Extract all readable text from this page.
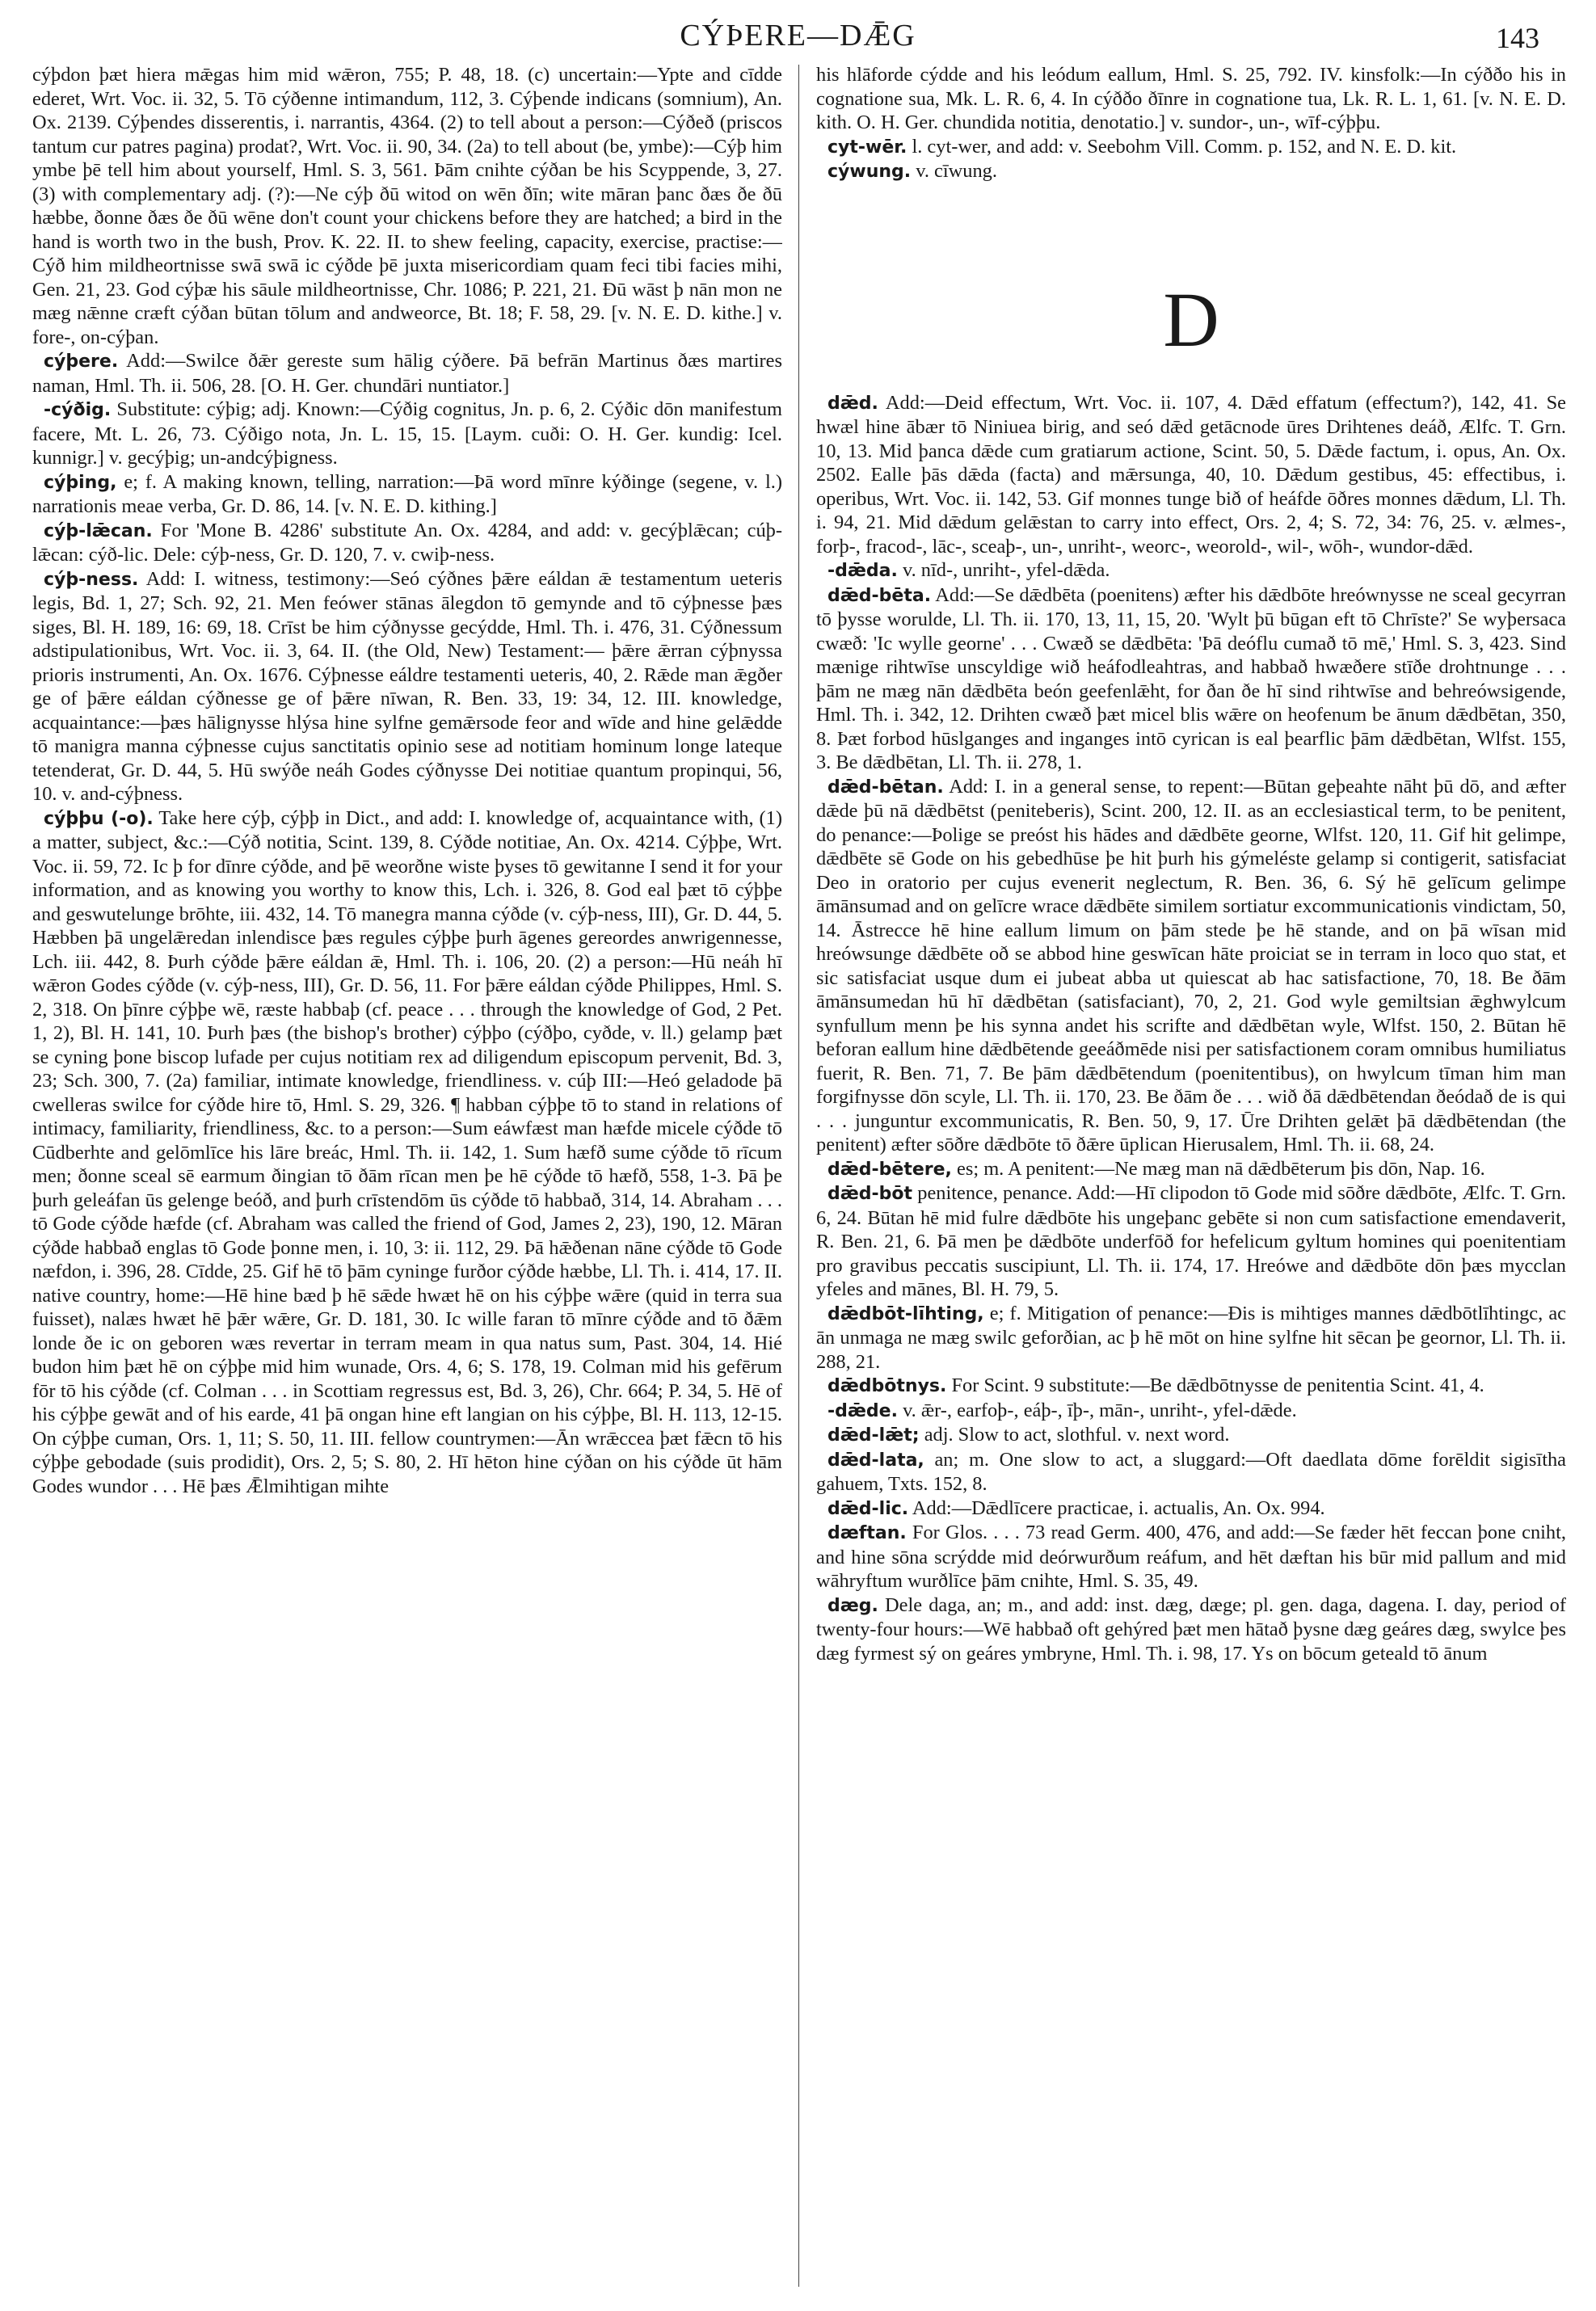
CÝÞERE—DǢG	143

cýþdon þæt hiera mǣgas him mid wǣron, 755; P. 48, 18. (c) uncertain:—Ypte and cīdde ederet, Wrt. Voc. ii. 32, 5. Tō cýðenne intimandum, 112, 3. Cýþende indicans (somnium), An. Ox. 2139. Cýþendes disserentis, i. narrantis, 4364. (2) to tell about a person:—Cýðeð (priscos tantum cur patres pagina) prodat?, Wrt. Voc. ii. 90, 34. (2a) to tell about (be, ymbe):—Cýþ him ymbe þē tell him about yourself, Hml. S. 3, 561. Þām cnihte cýðan be his Scyppende, 3, 27. (3) with complementary adj. (?):—Ne cýþ ðū witod on wēn ðīn; wite māran þanc ðæs ðe ðū hæbbe, ðonne ðæs ðe ðū wēne don't count your chickens before they are hatched; a bird in the hand is worth two in the bush, Prov. K. 22. II. to shew feeling, capacity, exercise, practise:—Cýð him mildheortnisse swā swā ic cýðde þē juxta misericordiam quam feci tibi facies mihi, Gen. 21, 23. God cýþæ his sāule mildheortnisse, Chr. 1086; P. 221, 21. Ðū wāst þ nān mon ne mæg nǣnne cræft cýðan būtan tōlum and andweorce, Bt. 18; F. 58, 29. [v. N. E. D. kithe.] v. fore-, on-cýþan.

cýþere. Add:—Swilce ðǣr gereste sum hālig cýðere. Þā befrān Martinus ðæs martires naman, Hml. Th. ii. 506, 28. [O. H. Ger. chundāri nuntiator.]

-cýðig. Substitute: cýþig; adj. Known:—Cýðig cognitus, Jn. p. 6, 2. Cýðic dōn manifestum facere, Mt. L. 26, 73. Cýðigo nota, Jn. L. 15, 15. [Laym. cuði: O. H. Ger. kundig: Icel. kunnigr.] v. gecýþig; un-andcýþigness.

cýþing, e; f. A making known, telling, narration:—Þā word mīnre kýðinge (segene, v. l.) narrationis meae verba, Gr. D. 86, 14. [v. N. E. D. kithing.]

cýþ-lǣcan. For 'Mone B. 4286' substitute An. Ox. 4284, and add: v. gecýþlǣcan; cúþ-lǣcan: cýð-lic. Dele: cýþ-ness, Gr. D. 120, 7. v. cwiþ-ness.

cýþ-ness. Add: I. witness, testimony:—Seó cýðnes þǣre eáldan ǣ testamentum ueteris legis, Bd. 1, 27; Sch. 92, 21. Men feówer stānas ālegdon tō gemynde and tō cýþnesse þæs siges, Bl. H. 189, 16: 69, 18. Crīst be him cýðnysse gecýdde, Hml. Th. i. 476, 31. Cýðnessum adstipulationibus, Wrt. Voc. ii. 3, 64. II. (the Old, New) Testament:— þǣre ǣrran cýþnyssa prioris instrumenti, An. Ox. 1676. Cýþnesse eáldre testamenti ueteris, 40, 2. Rǣde man ǣgðer ge of þǣre eáldan cýðnesse ge of þǣre nīwan, R. Ben. 33, 19: 34, 12. III. knowledge, acquaintance:—þæs hālignysse hlýsa hine sylfne gemǣrsode feor and wīde and hine gelǣdde tō manigra manna cýþnesse cujus sanctitatis opinio sese ad notitiam hominum longe lateque tetenderat, Gr. D. 44, 5. Hū swýðe neáh Godes cýðnysse Dei notitiae quantum propinqui, 56, 10. v. and-cýþness.

cýþþu (-o). Take here cýþ, cýþþ in Dict., and add: I. knowledge of, acquaintance with, (1) a matter, subject, &c.:—Cýð notitia, Scint. 139, 8. Cýðde notitiae, An. Ox. 4214. Cýþþe, Wrt. Voc. ii. 59, 72. Ic þ for dīnre cýðde, and þē weorðne wiste þyses tō gewitanne I send it for your information, and as knowing you worthy to know this, Lch. i. 326, 8. God eal þæt tō cýþþe and geswutelunge brōhte, iii. 432, 14. Tō manegra manna cýðde (v. cýþ-ness, III), Gr. D. 44, 5. Hæbben þā ungelǣredan inlendisce þæs regules cýþþe þurh āgenes gereordes anwrigennesse, Lch. iii. 442, 8. Þurh cýðde þǣre eáldan ǣ, Hml. Th. i. 106, 20. (2) a person:—Hū neáh hī wǣron Godes cýðde (v. cýþ-ness, III), Gr. D. 56, 11. For þǣre eáldan cýðde Philippes, Hml. S. 2, 318. On þīnre cýþþe wē, ræste habbaþ (cf. peace . . . through the knowledge of God, 2 Pet. 1, 2), Bl. H. 141, 10. Þurh þæs (the bishop's brother) cýþþo (cýðþo, cyðde, v. ll.) gelamp þæt se cyning þone biscop lufade per cujus notitiam rex ad diligendum episcopum pervenit, Bd. 3, 23; Sch. 300, 7. (2a) familiar, intimate knowledge, friendliness. v. cúþ III:—Heó geladode þā cwelleras swilce for cýðde hire tō, Hml. S. 29, 326. ¶ habban cýþþe tō to stand in relations of intimacy, familiarity, friendliness, &c. to a person:—Sum eáwfæst man hæfde micele cýðde tō Cūdberhte and gelōmlīce his lāre breác, Hml. Th. ii. 142, 1. Sum hæfð sume cýðde tō rīcum men; ðonne sceal sē earmum ðingian tō ðām rīcan men þe hē cýðde tō hæfð, 558, 1-3. Þā þe þurh geleáfan ūs gelenge beóð, and þurh crīstendōm ūs cýðde tō habbað, 314, 14. Abraham . . . tō Gode cýðde hæfde (cf. Abraham was called the friend of God, James 2, 23), 190, 12. Māran cýðde habbað englas tō Gode þonne men, i. 10, 3: ii. 112, 29. Þā hǣðenan nāne cýðde tō Gode næfdon, i. 396, 28. Cīdde, 25. Gif hē tō þām cyninge furðor cýðde hæbbe, Ll. Th. i. 414, 17. II. native country, home:—Hē hine bæd þ hē sǣde hwæt hē on his cýþþe wǣre (quid in terra sua fuisset), nalæs hwæt hē þǣr wǣre, Gr. D. 181, 30. Ic wille faran tō mīnre cýðde and tō ðǣm londe ðe ic on geboren wæs revertar in terram meam in qua natus sum, Past. 304, 14. Hié budon him þæt hē on cýþþe mid him wunade, Ors. 4, 6; S. 178, 19. Colman mid his gefērum fōr tō his cýðde (cf. Colman . . . in Scottiam regressus est, Bd. 3, 26), Chr. 664; P. 34, 5. Hē of his cýþþe gewāt and of his earde, 41 þā ongan hine eft langian on his cýþþe, Bl. H. 113, 12-15. On cýþþe cuman, Ors. 1, 11; S. 50, 11. III. fellow countrymen:—Ān wrǣccea þæt fǣcn tō his cýþþe gebodade (suis prodidit), Ors. 2, 5; S. 80, 2. Hī hēton hine cýðan on his cýðde ūt hām Godes wundor . . . Hē þæs Ǣlmihtigan mihte

his hlāforde cýdde and his leódum eallum, Hml. S. 25, 792. IV. kinsfolk:—In cýððo his in cognatione sua, Mk. L. R. 6, 4. In cýððo ðīnre in cognatione tua, Lk. R. L. 1, 61. [v. N. E. D. kith. O. H. Ger. chundida notitia, denotatio.] v. sundor-, un-, wīf-cýþþu.

cyt-wēr. l. cyt-wer, and add: v. Seebohm Vill. Comm. p. 152, and N. E. D. kit.

cýwung. v. cīwung.

D

dǣd. Add:—Deid effectum, Wrt. Voc. ii. 107, 4. Dǣd effatum (effectum?), 142, 41. Se hwæl hine ābær tō Niniuea birig, and seó dǣd getācnode ūres Drihtenes deáð, Ælfc. T. Grn. 10, 13. Mid þanca dǣde cum gratiarum actione, Scint. 50, 5. Dǣde factum, i. opus, An. Ox. 2502. Ealle þās dǣda (facta) and mǣrsunga, 40, 10. Dǣdum gestibus, 45: effectibus, i. operibus, Wrt. Voc. ii. 142, 53. Gif monnes tunge bið of heáfde ōðres monnes dǣdum, Ll. Th. i. 94, 21. Mid dǣdum gelǣstan to carry into effect, Ors. 2, 4; S. 72, 34: 76, 25. v. ælmes-, forþ-, fracod-, lāc-, sceaþ-, un-, unriht-, weorc-, weorold-, wil-, wōh-, wundor-dǣd.

-dǣda. v. nīd-, unriht-, yfel-dǣda.

dǣd-bēta. Add:—Se dǣdbēta (poenitens) æfter his dǣdbōte hreównysse ne sceal gecyrran tō þysse worulde, Ll. Th. ii. 170, 13, 11, 15, 20. 'Wylt þū būgan eft tō Chrīste?' Se wyþersaca cwæð: 'Ic wylle georne' . . . Cwæð se dǣdbēta: 'Þā deóflu cumað tō mē,' Hml. S. 3, 423. Sind mænige rihtwīse unscyldige wið heáfodleahtras, and habbað hwæðere stīðe drohtnunge . . . þām ne mæg nān dǣdbēta beón geefenlǣht, for ðan ðe hī sind rihtwīse and behreówsigende, Hml. Th. i. 342, 12. Drihten cwæð þæt micel blis wǣre on heofenum be ānum dǣdbētan, 350, 8. Þæt forbod hūslganges and inganges intō cyrican is eal þearflic þām dǣdbētan, Wlfst. 155, 3. Be dǣdbētan, Ll. Th. ii. 278, 1.

dǣd-bētan. Add: I. in a general sense, to repent:—Būtan geþeahte nāht þū dō, and æfter dǣde þū nā dǣdbētst (peniteberis), Scint. 200, 12. II. as an ecclesiastical term, to be penitent, do penance:—Þolige se preóst his hādes and dǣdbēte georne, Wlfst. 120, 11. Gif hit gelimpe, dǣdbēte sē Gode on his gebedhūse þe hit þurh his gýmeléste gelamp si contigerit, satisfaciat Deo in oratorio per cujus evenerit neglectum, R. Ben. 36, 6. Sý hē gelīcum gelimpe āmānsumad and on gelīcre wrace dǣdbēte similem sortiatur excommunicationis vindictam, 50, 14. Āstrecce hē hine eallum limum on þām stede þe hē stande, and on þā wīsan mid hreówsunge dǣdbēte oð se abbod hine geswīcan hāte proiciat se in terram in loco quo stat, et sic satisfaciat usque dum ei jubeat abba ut quiescat ab hac satisfactione, 70, 18. Be ðām āmānsumedan hū hī dǣdbētan (satisfaciant), 70, 2, 21. God wyle gemiltsian ǣghwylcum synfullum menn þe his synna andet his scrifte and dǣdbētan wyle, Wlfst. 150, 2. Būtan hē beforan eallum hine dǣdbētende geeáðmēde nisi per satisfactionem coram omnibus humiliatus fuerit, R. Ben. 71, 7. Be þām dǣdbētendum (poenitentibus), on hwylcum tīman him man forgifnysse dōn scyle, Ll. Th. ii. 170, 23. Be ðām ðe . . . wið ðā dǣdbētendan ðeódað de is qui . . . junguntur excommunicatis, R. Ben. 50, 9, 17. Ūre Drihten gelǣt þā dǣdbētendan (the penitent) æfter sōðre dǣdbōte tō ðǣre ūplican Hierusalem, Hml. Th. ii. 68, 24.

dǣd-bētere, es; m. A penitent:—Ne mæg man nā dǣdbēterum þis dōn, Nap. 16.

dǣd-bōt penitence, penance. Add:—Hī clipodon tō Gode mid sōðre dǣdbōte, Ælfc. T. Grn. 6, 24. Būtan hē mid fulre dǣdbōte his ungeþanc gebēte si non cum satisfactione emendaverit, R. Ben. 21, 6. Þā men þe dǣdbōte underfōð for hefelicum gyltum homines qui poenitentiam pro gravibus peccatis suscipiunt, Ll. Th. ii. 174, 17. Hreówe and dǣdbōte dōn þæs mycclan yfeles and mānes, Bl. H. 79, 5.

dǣdbōt-līhting, e; f. Mitigation of penance:—Ðis is mihtiges mannes dǣdbōtlīhtingc, ac ān unmaga ne mæg swilc geforðian, ac þ hē mōt on hine sylfne hit sēcan þe geornor, Ll. Th. ii. 288, 21.

dǣdbōtnys. For Scint. 9 substitute:—Be dǣdbōtnysse de penitentia Scint. 41, 4.

-dǣde. v. ǣr-, earfoþ-, eáþ-, īþ-, mān-, unriht-, yfel-dǣde.

dǣd-lǣt; adj. Slow to act, slothful. v. next word.

dǣd-lata, an; m. One slow to act, a sluggard:—Oft daedlata dōme forēldit sigisītha gahuem, Txts. 152, 8.

dǣd-lic. Add:—Dǣdlīcere practicae, i. actualis, An. Ox. 994.

dæftan. For Glos. . . . 73 read Germ. 400, 476, and add:—Se fæder hēt feccan þone cniht, and hine sōna scrýdde mid deórwurðum reáfum, and hēt dæftan his būr mid pallum and mid wāhryftum wurðlīce þām cnihte, Hml. S. 35, 49.

dæg. Dele daga, an; m., and add: inst. dæg, dæge; pl. gen. daga, dagena. I. day, period of twenty-four hours:—Wē habbað oft gehýred þæt men hātað þysne dæg geáres dæg, swylce þes dæg fyrmest sý on geáres ymbryne, Hml. Th. i. 98, 17. Ys on bōcum geteald tō ānum
